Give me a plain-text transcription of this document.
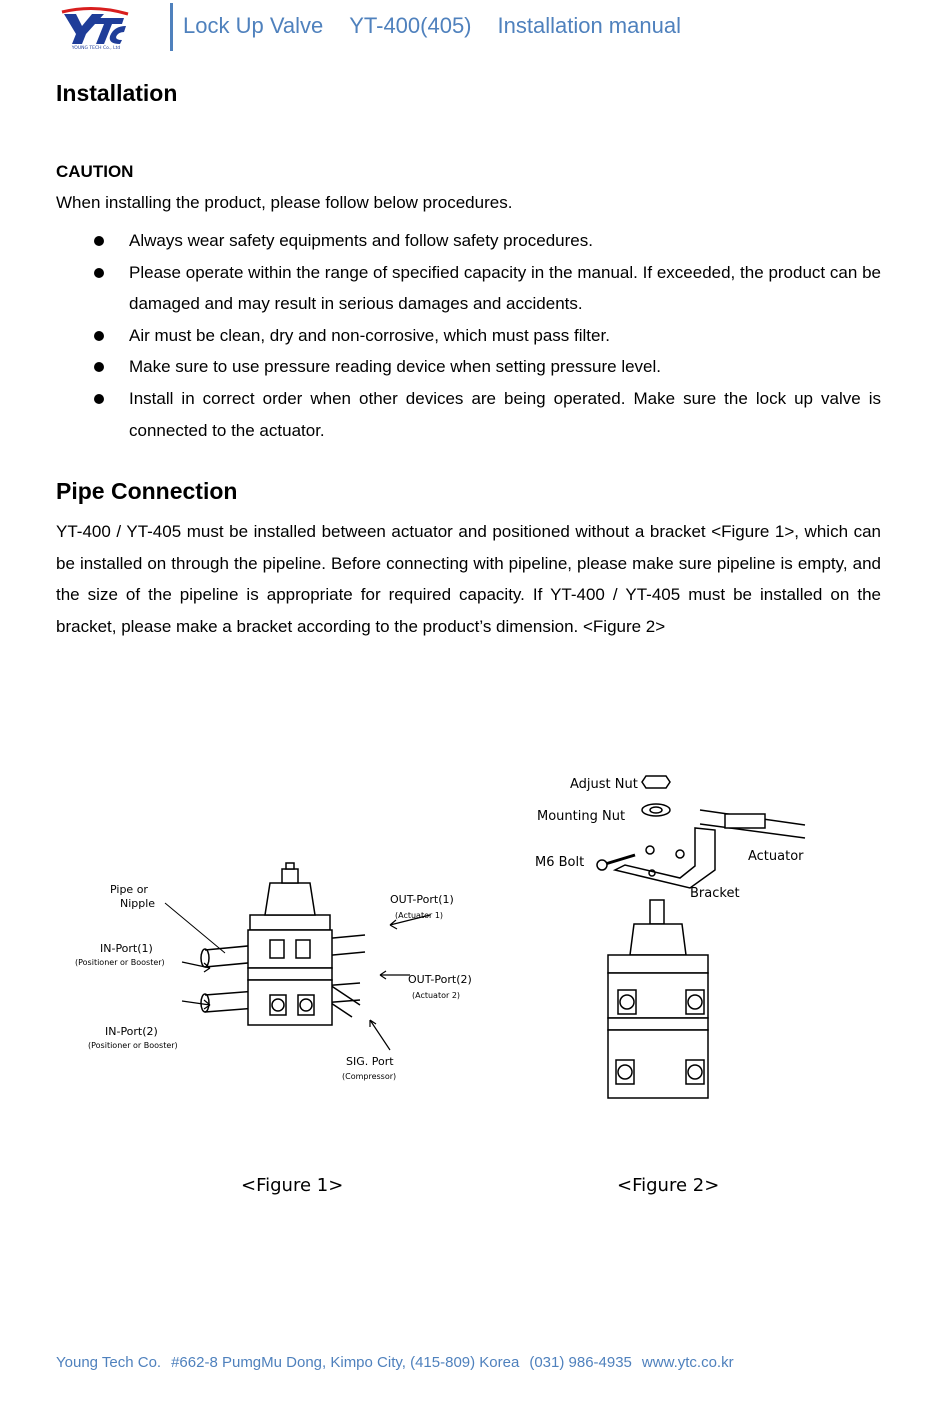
YOUNG TECH Co., Ltd
Lock Up Valve YT-400(405) Installation manual
Installation
CAUTION
When installing the product, please follow below procedures.
Always wear safety equipments and follow safety procedures.
Please operate within the range of specified capacity in the manual. If exceeded, the product can be damaged and may result in serious damages and accidents.
Air must be clean, dry and non-corrosive, which must pass filter.
Make sure to use pressure reading device when setting pressure level.
Install in correct order when other devices are being operated. Make sure the lock up valve is connected to the actuator.
Pipe Connection

YT-400 / YT-405 must be installed between actuator and positioned without a bracket <Figure 1>, which can be installed on through the pipeline. Before connecting with pipeline, please make sure pipeline is empty, and the size of the pipeline is appropriate for required capacity. If YT-400 / YT-405 must be installed on the bracket, please make a bracket according to the product’s dimension. <Figure 2>

Pipe or
Nipple
IN-Port(1)
(Positioner or Booster)
IN-Port(2)
(Positioner or Booster)
OUT-Port(1)
(Actuator 1)
OUT-Port(2)
(Actuator 2)
SIG. Port
(Compressor)
<Figure 1>
Adjust Nut
Mounting Nut
M6 Bolt	Actuator
Bracket
<Figure 2>
Young Tech Co. #662-8 PumgMu Dong, Kimpo City, (415-809) Korea (031) 986-4935 www.ytc.co.kr
